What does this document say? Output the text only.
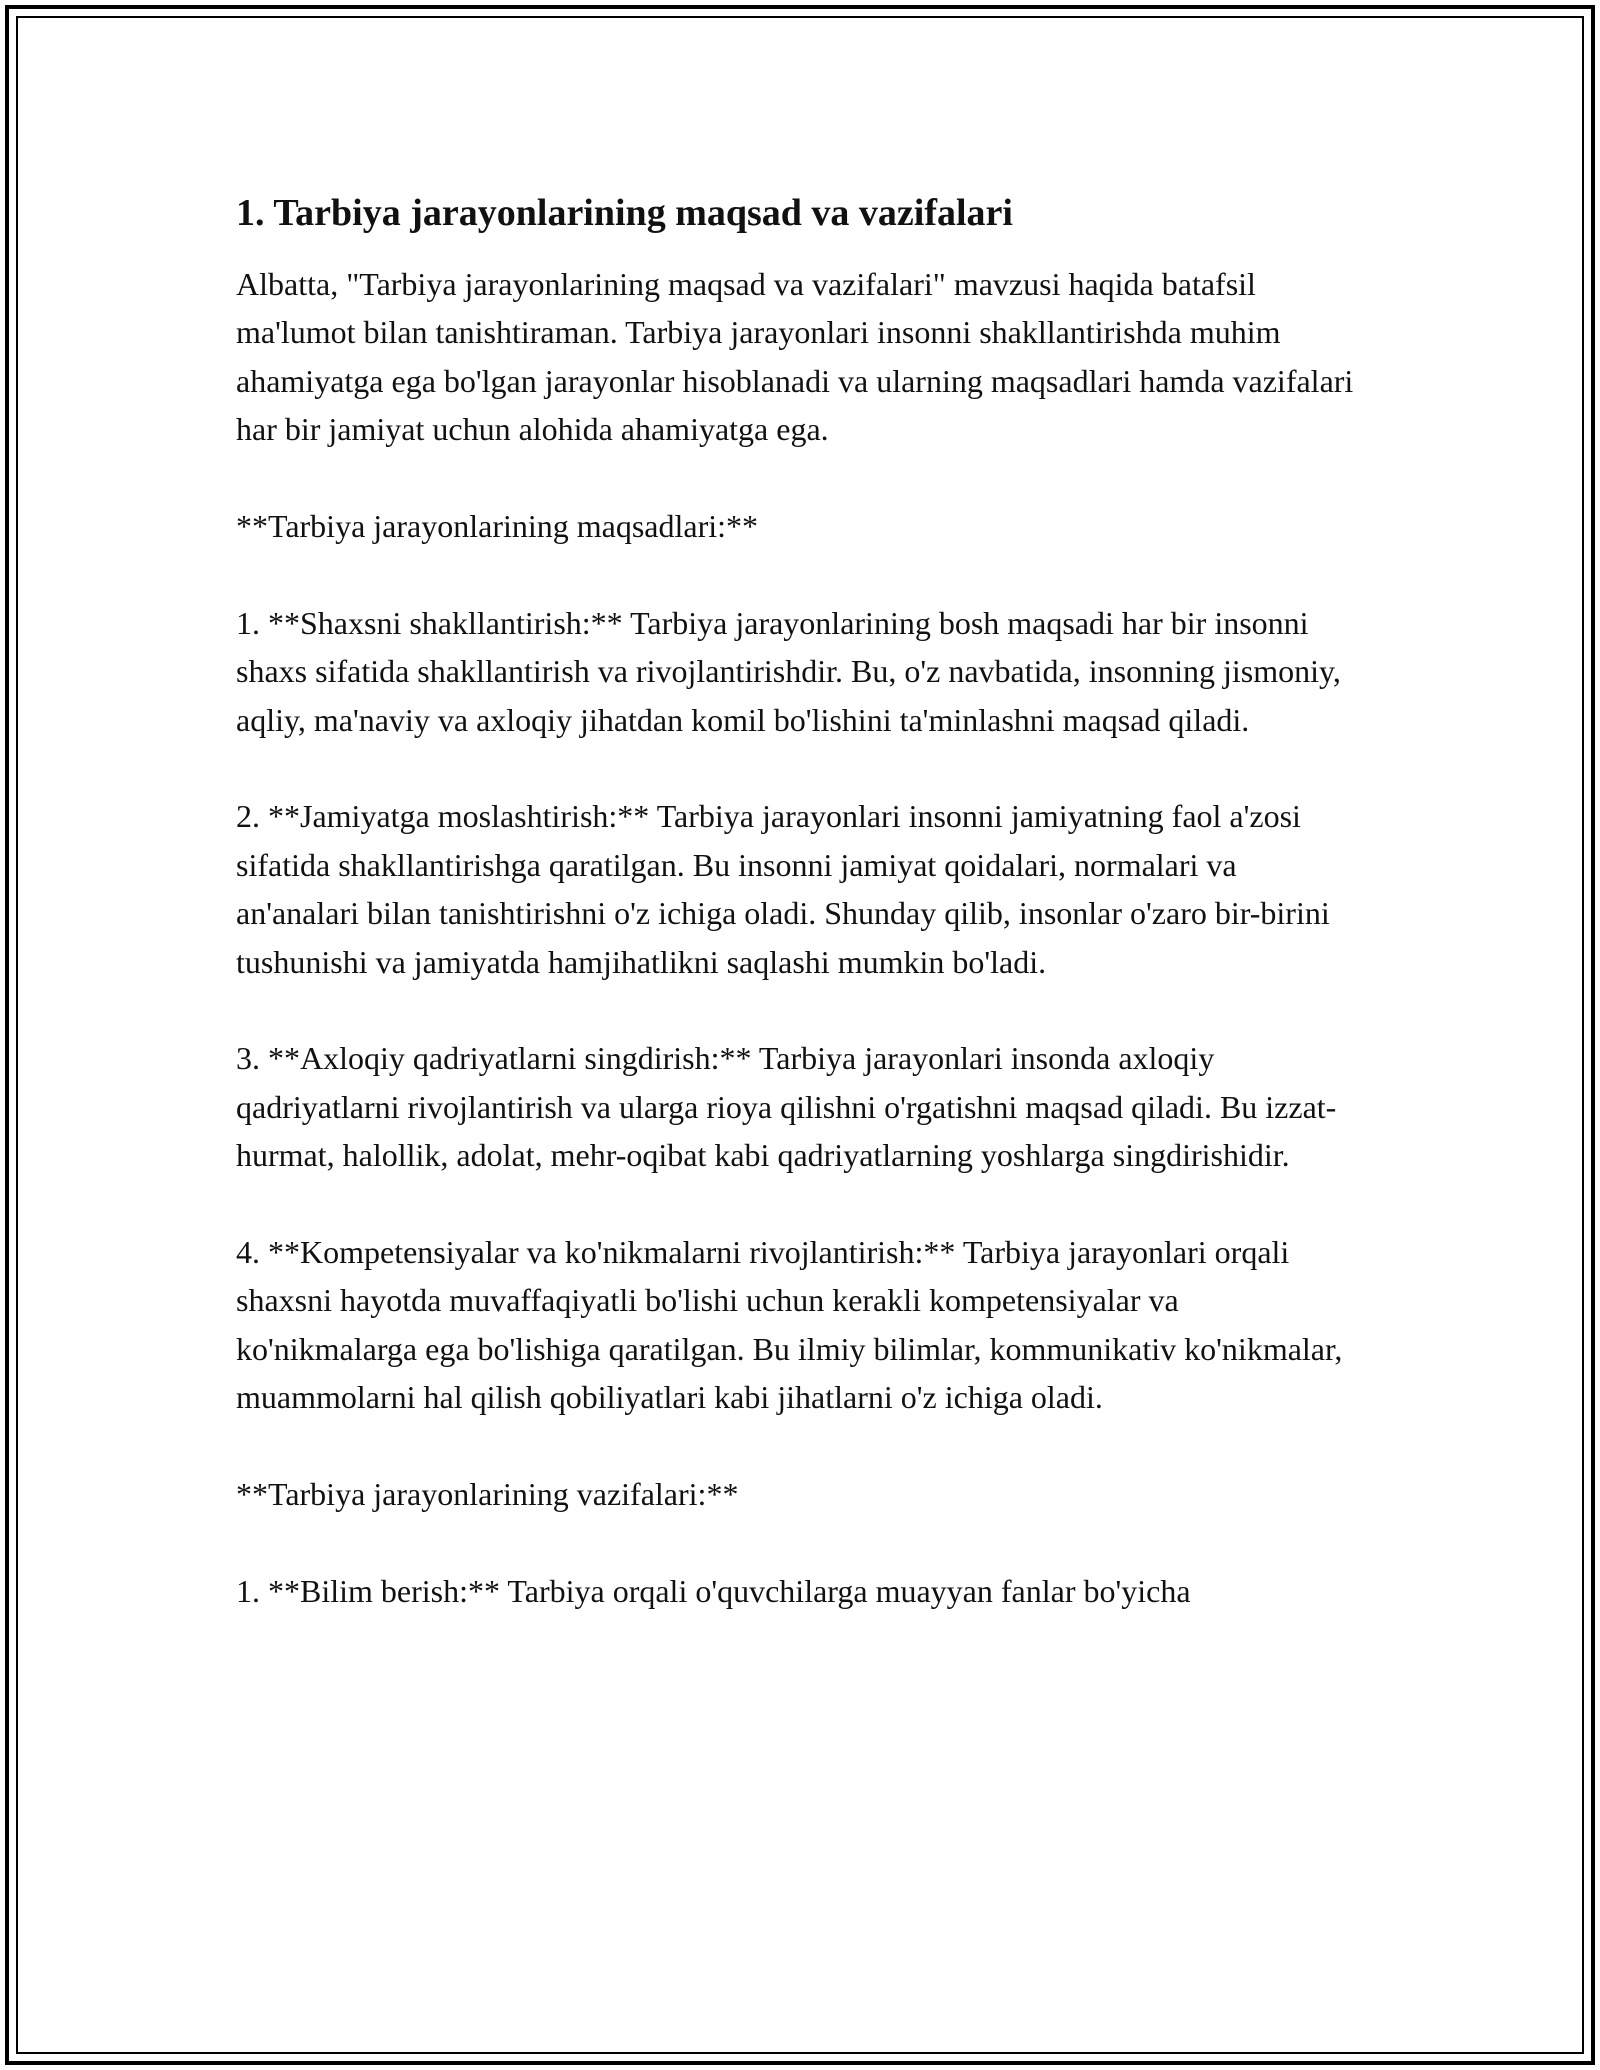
1. Tarbiya jarayonlarining maqsad va vazifalari

Albatta, "Tarbiya jarayonlarining maqsad va vazifalari" mavzusi haqida batafsil ma'lumot bilan tanishtiraman. Tarbiya jarayonlari insonni shakllantirishda muhim ahamiyatga ega bo'lgan jarayonlar hisoblanadi va ularning maqsadlari hamda vazifalari har bir jamiyat uchun alohida ahamiyatga ega.

**Tarbiya jarayonlarining maqsadlari:**

1. **Shaxsni shakllantirish:** Tarbiya jarayonlarining bosh maqsadi har bir insonni shaxs sifatida shakllantirish va rivojlantirishdir. Bu, o'z navbatida, insonning jismoniy, aqliy, ma'naviy va axloqiy jihatdan komil bo'lishini ta'minlashni maqsad qiladi.

2. **Jamiyatga moslashtirish:** Tarbiya jarayonlari insonni jamiyatning faol a'zosi sifatida shakllantirishga qaratilgan. Bu insonni jamiyat qoidalari, normalari va an'analari bilan tanishtirishni o'z ichiga oladi. Shunday qilib, insonlar o'zaro bir-birini tushunishi va jamiyatda hamjihatlikni saqlashi mumkin bo'ladi.

3. **Axloqiy qadriyatlarni singdirish:** Tarbiya jarayonlari insonda axloqiy qadriyatlarni rivojlantirish va ularga rioya qilishni o'rgatishni maqsad qiladi. Bu izzat-hurmat, halollik, adolat, mehr-oqibat kabi qadriyatlarning yoshlarga singdirishidir.

4. **Kompetensiyalar va ko'nikmalarni rivojlantirish:** Tarbiya jarayonlari orqali shaxsni hayotda muvaffaqiyatli bo'lishi uchun kerakli kompetensiyalar va ko'nikmalarga ega bo'lishiga qaratilgan. Bu ilmiy bilimlar, kommunikativ ko'nikmalar, muammolarni hal qilish qobiliyatlari kabi jihatlarni o'z ichiga oladi.

**Tarbiya jarayonlarining vazifalari:**

1. **Bilim berish:** Tarbiya orqali o'quvchilarga muayyan fanlar bo'yicha
